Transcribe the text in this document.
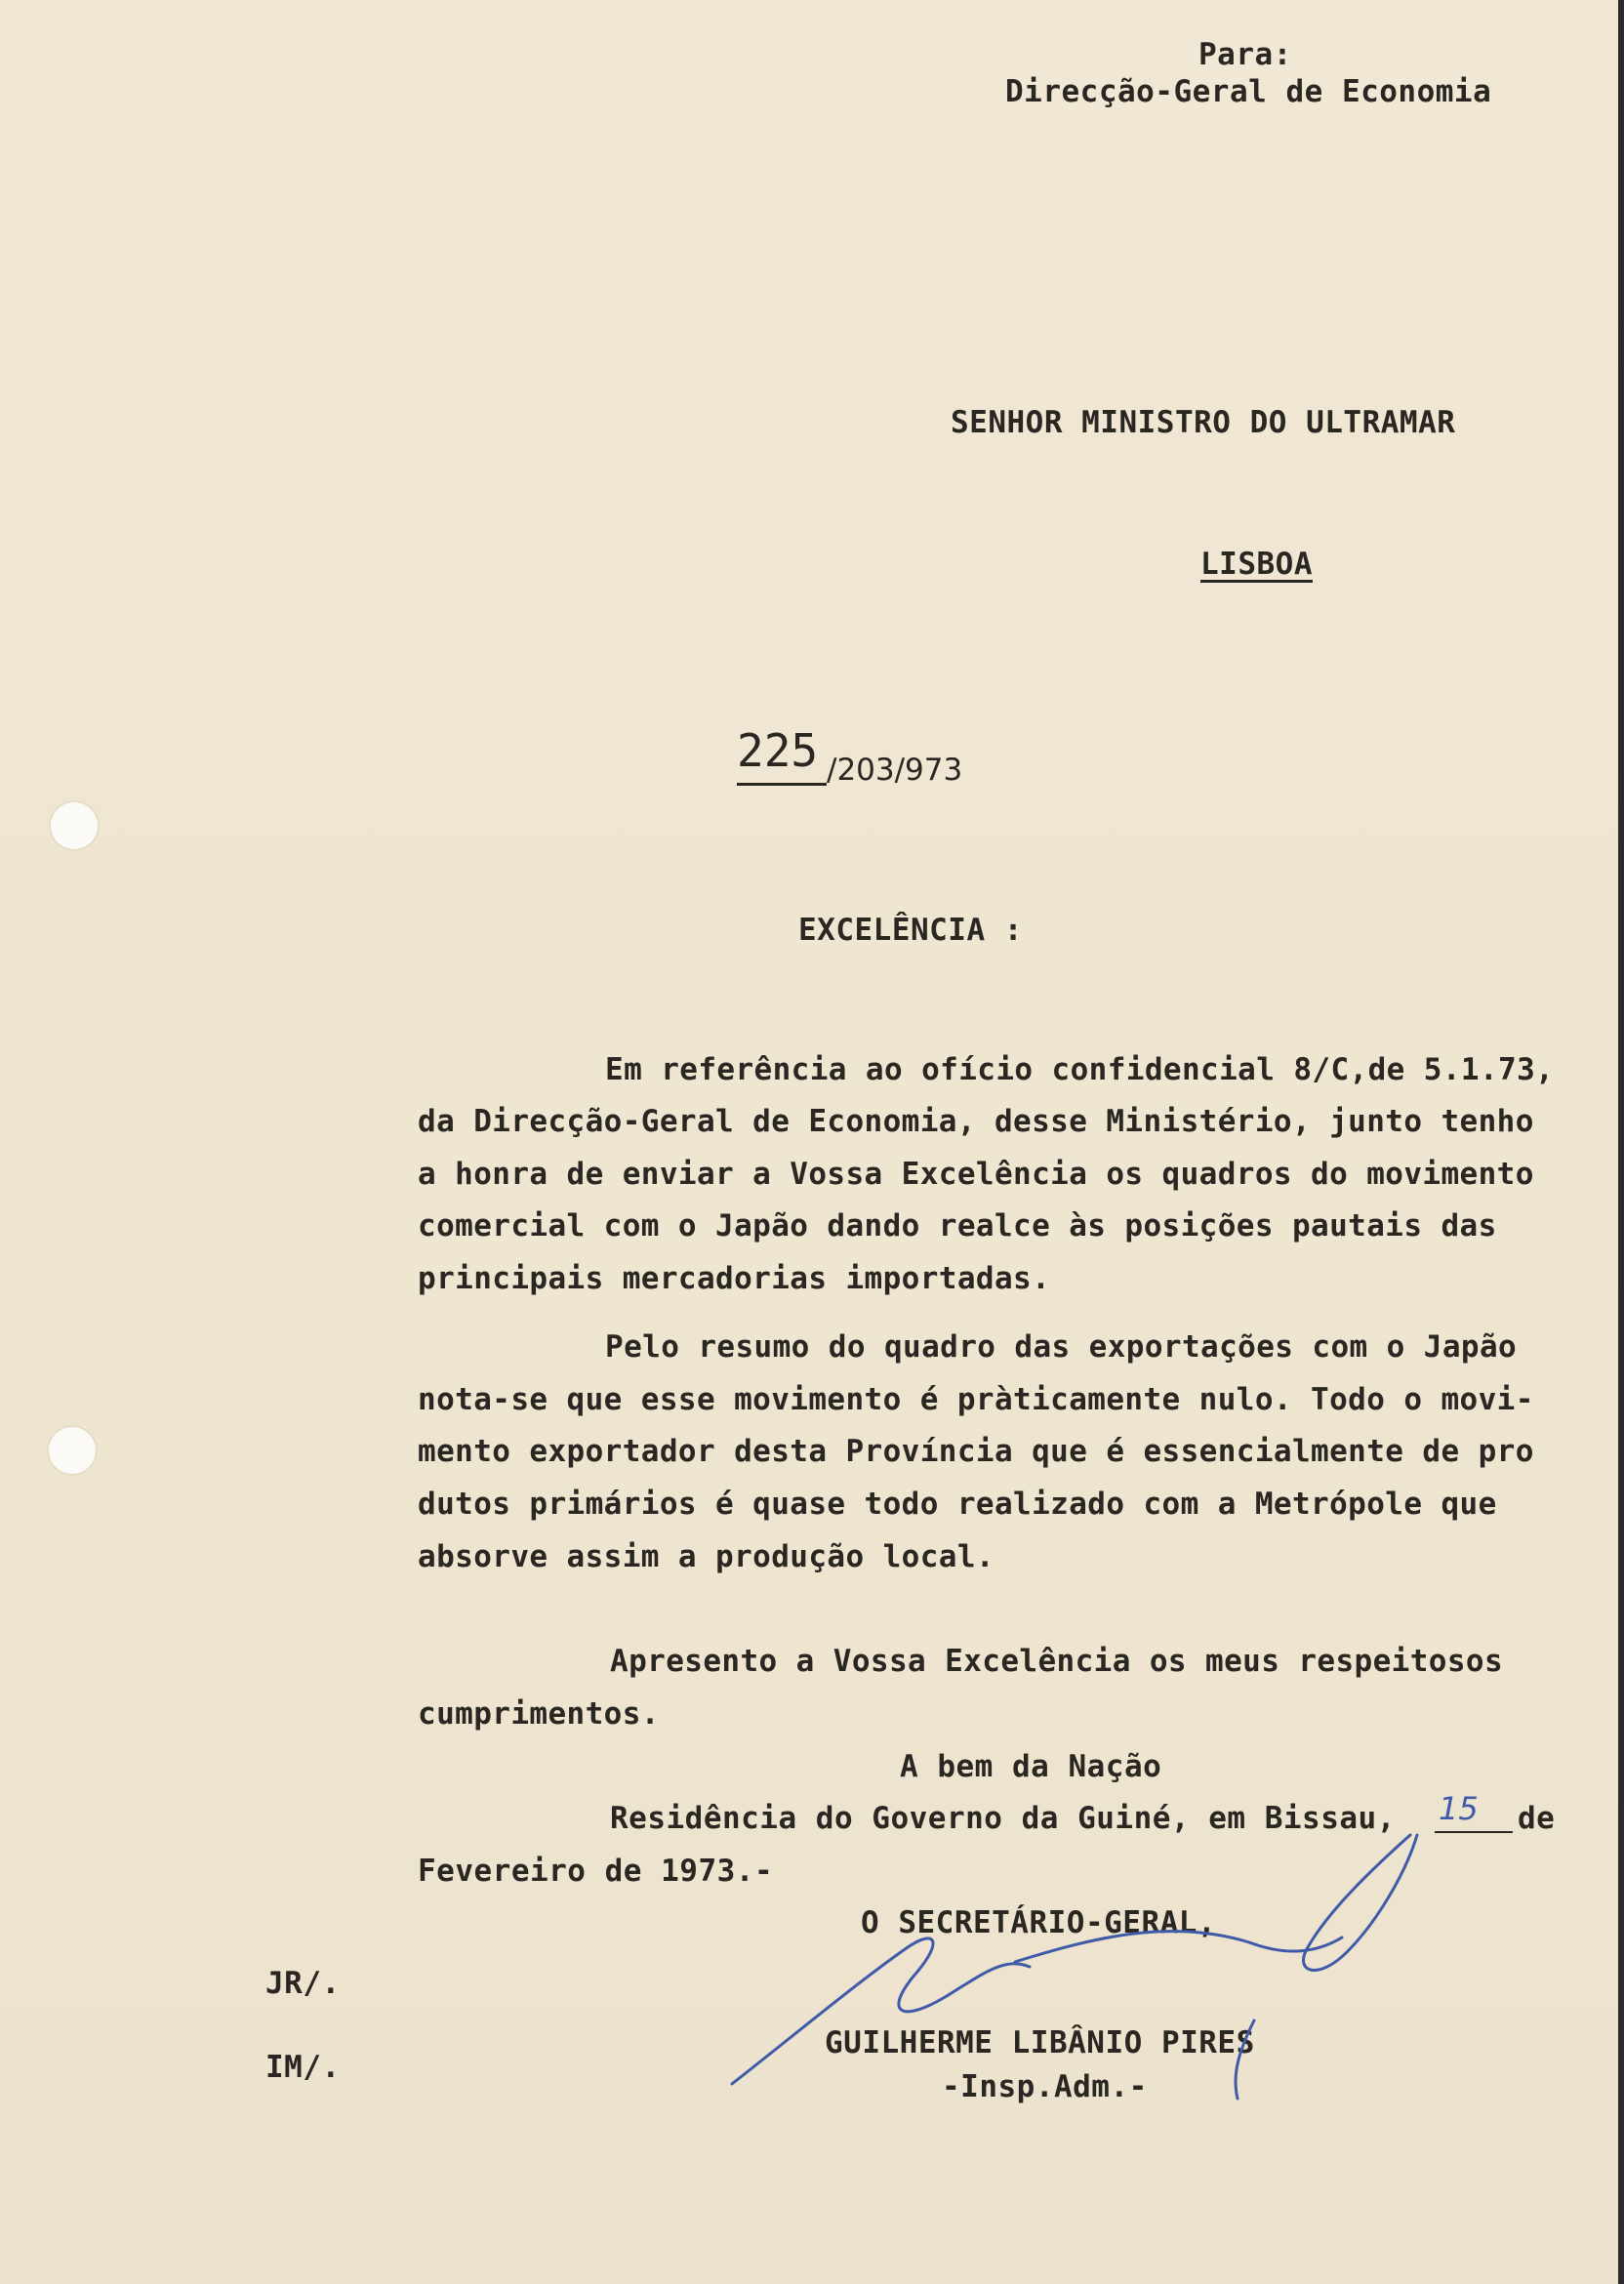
Para:
Direcção-Geral de Economia
SENHOR MINISTRO DO ULTRAMAR
LISBOA
225 /203/973
EXCELÊNCIA :
Em referência ao ofício confidencial 8/C,de 5.1.73,
da Direcção-Geral de Economia, desse Ministério, junto tenho
a honra de enviar a Vossa Excelência os quadros do movimento
comercial com o Japão dando realce às posições pautais das
principais mercadorias importadas.
Pelo resumo do quadro das exportações com o Japão
nota-se que esse movimento é pràticamente nulo. Todo o movi-
mento exportador desta Província que é essencialmente de pro
dutos primários é quase todo realizado com a Metrópole que
absorve assim a produção local.
Apresento a Vossa Excelência os meus respeitosos
cumprimentos.
A bem da Nação
Residência do Governo da Guiné, em Bissau, 15 de
Fevereiro de 1973.-
O SECRETÁRIO-GERAL,
GUILHERME LIBÂNIO PIRES
-Insp.Adm.-
JR/.
IM/.
